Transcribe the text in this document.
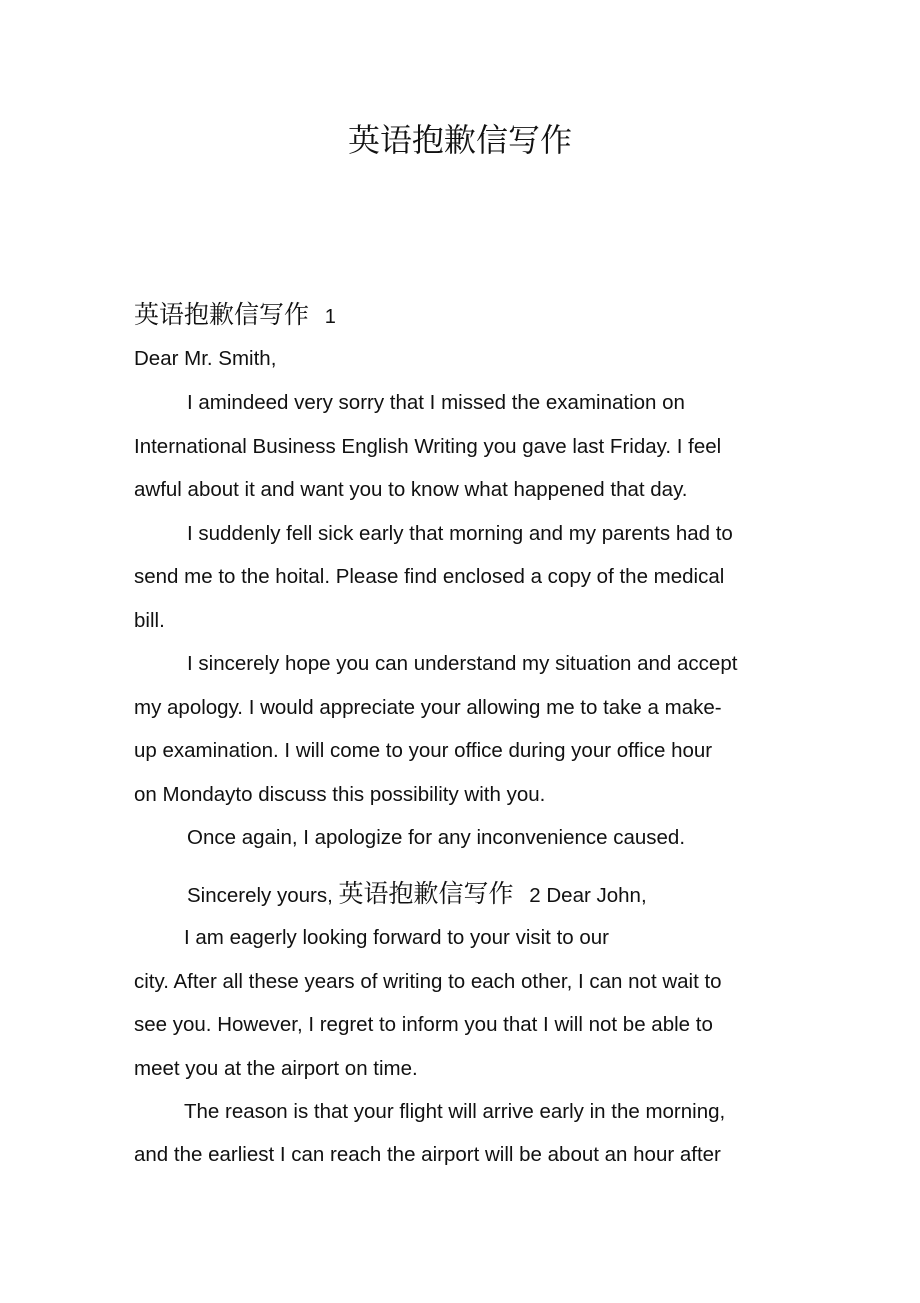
英语抱歉信写作
英语抱歉信写作 1
Dear Mr. Smith,
I amindeed very sorry that I missed the examination on
International Business English Writing you gave last Friday. I feel
awful about it and want you to know what happened that day.
I suddenly fell sick early that morning and my parents had to
send me to the hoital. Please find enclosed a copy of the medical
bill.
I sincerely hope you can understand my situation and accept
my apology. I would appreciate your allowing me to take a make-
up examination. I will come to your office during your office hour
on Mondayto discuss this possibility with you.
Once again, I apologize for any inconvenience caused.
Sincerely yours, 英语抱歉信写作 2 Dear John,
I am eagerly looking forward to your visit to our
city. After all these years of writing to each other, I can not wait to
see you. However, I regret to inform you that I will not be able to
meet you at the airport on time.
The reason is that your flight will arrive early in the morning,
and the earliest I can reach the airport will be about an hour after
